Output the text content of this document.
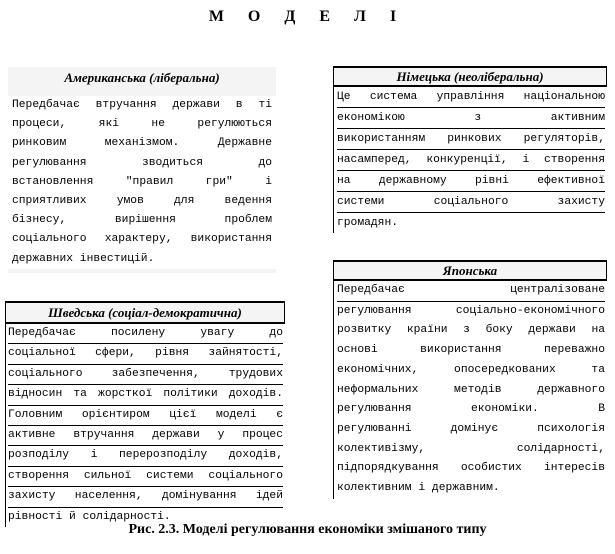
М О Д Е Л І
Американська (ліберальна)
Передбачає втручання держави в ті
процеси, які не регулюються
ринковим механізмом. Державне
регулювання зводиться до
встановлення "правил гри" і
сприятливих умов для ведення
бізнесу, вирішення проблем
соціального характеру, використання
державних інвестицій.
Німецька (неоліберальна)
Це система управління національною
економікою з активним
використанням ринкових регуляторів,
насамперед, конкуренції, і створення
на державному рівні ефективної
системи соціального захисту
громадян.
Японська
Передбачає централізоване
регулювання соціально-економічного
розвитку країни з боку держави на
основі використання переважно
економічних, опосередкованих та
неформальних методів державного
регулювання економіки. В
регулюванні домінує психологія
колективізму, солідарності,
підпорядкування особистих інтересів
колективним і державним.
Шведська (соціал-демократична)
Передбачає посилену увагу до
соціальної сфери, рівня зайнятості,
соціального забезпечення, трудових
відносин та жорсткої політики доходів.
Головним орієнтиром цієї моделі є
активне втручання держави у процес
розподілу і перерозподілу доходів,
створення сильної системи соціального
захисту населення, домінування ідей
рівності й солідарності.
Рис. 2.3. Моделі регулювання економіки змішаного типу
